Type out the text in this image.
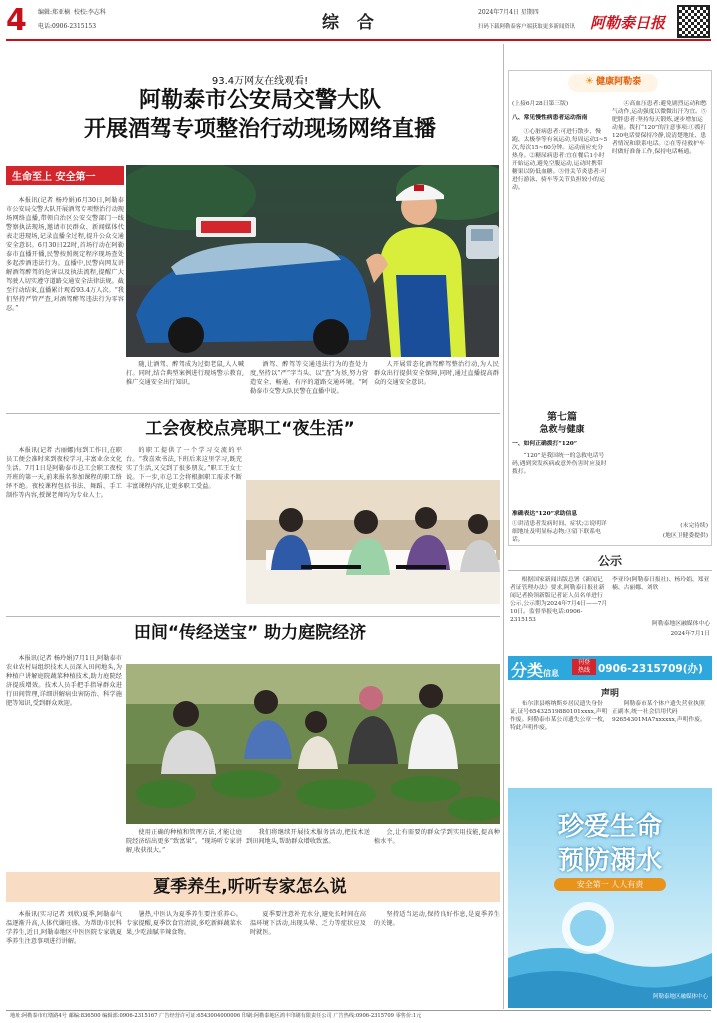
4 编辑:郑亚楠 校校:李志科
电话:0906-2315153	综 合
2024年7月4日 星期四
扫码下载阿勒泰客户端获取更多新闻资讯 阿勒泰日报
93.4万网友在线观看!
阿勒泰市公安局交警大队
开展酒驾专项整治行动现场网络直播
生命至上 安全第一
本报讯(记者 杨玲娟)6月30日,阿勒泰市公安局交警大队开展酒驾专项整治行动现场网络直播,带领自治区公安交警部门一线警察执法现场,邀请市民群众、新闻媒体代表走进现场,记录直播全过程,提升公众交通安全意识。6月30日22时,首场行动在阿勒泰市直播开播,民警按照规定程序现场查处多起涉酒违法行为。直播中,民警向网友讲解酒驾醉驾的危害以及执法流程,提醒广大驾驶人切实遵守道路交通安全法律法规。截至行动结束,直播累计观看93.4万人次。“我们坚持严管严查,对酒驾醉驾违法行为零容忍。”
随,让酒驾、醉驾成为过街老鼠,人人喊打。同时,结合典型案例进行现场警示教育,推广交通安全出行知识。
酒驾、醉驾等交通违法行为的查处力度,坚持以“严”字当头、以“查”为基,努力营造安全、畅通、有序的道路交通环境。“阿勒泰市交警大队民警在直播中说。
人开展常态化酒驾醉驾整治行动,为人民群众出行提供安全保障,同时,通过直播提高群众的交通安全意识。
工会夜校点亮职工“夜生活”
本报讯(记者 古丽娜)每到工作日,在职员工便会准时来到夜校学习,丰富业余文化生活。7月1日是阿勒泰市总工会职工夜校开班的第一天,前来报名参加课程的职工络绎不绝。夜校课程包括书法、舞蹈、手工制作等内容,授课老师均为专业人士。
的职工提供了一个学习交流的平台。“我喜欢书法,下班后来这里学习,既充实了生活,又交到了很多朋友。”职工王女士说。下一步,市总工会将根据职工需求不断丰富课程内容,让更多职工受益。
田间“传经送宝” 助力庭院经济
本报讯(记者 杨玲娟)7月1日,阿勒泰市农业农村局组织技术人员深入田间地头,为种植户讲解庭院蔬菜种植技术,助力庭院经济提质增效。技术人员手把手指导群众进行田间管理,详细讲解病虫害防治、科学施肥等知识,受到群众欢迎。
使用正确的种植和管理方法,才能让庭院经济结出更多“致富果”。“现场听专家讲解,收获很大。”
我们将继续开展技术服务活动,把技术送到田间地头,帮助群众增收致富。
会,让有需要的群众学到实用技能,提高种植水平。
夏季养生,听听专家怎么说
本报讯(实习记者 刘欣)夏季,阿勒泰气温逐渐升高,人体代谢旺盛。为帮助市民科学养生,近日,阿勒泰地区中医医院专家就夏季养生注意事项进行讲解。
暑热,中医认为夏季养生要注重养心。专家提醒,夏季饮食宜清淡,多吃新鲜蔬菜水果,少吃油腻辛辣食物。
夏季要注意补充水分,避免长时间在高温环境下活动,出现头晕、乏力等症状应及时就医。
坚持适当运动,保持良好作息,是夏季养生的关键。
☀ 健康阿勒泰
(上接6月28日第三版)
八、常见慢性病患者运动指南
①心脏病患者:可进行散步、慢跑、太极拳等有氧运动,每周运动3~5次,每次15~60分钟。运动前应充分热身。②糖尿病患者:宜在餐后1小时开始运动,避免空腹运动,运动时携带糖果以防低血糖。③骨关节炎患者:可进行游泳、骑车等关节负担较小的运动。
④高血压患者:避免剧烈运动和憋气动作,运动强度以微微出汗为宜。⑤肥胖患者:坚持每天锻炼,逐步增加运动量。拨打“120”的注意事项:①拨打120电话要保持冷静,说清楚地址、患者情况和联系电话。②在等待救护车时做好准备工作,保持电话畅通。
第七篇
急救与健康
一、如何正确拨打“120”
“120”是我国统一的急救电话号码,遇到突发疾病或意外伤害时应及时拨打。
准确表达“120”求助信息
①讲清患者发病时间、症状;②说明详细地址及明显标志物;③留下联系电话。
(未完待续)
(地区卫健委提供)
公示
根据国家新闻出版总署《新闻记者证管理办法》要求,阿勒泰日报社新闻记者换领新版记者证人员名单进行公示,公示期为2024年7月4日——7月10日。监督举报电话:0906-2315153
李亚玲(阿勒泰日报社)、杨玲娟、郑亚楠、古丽娜、刘欣
阿勒泰地区融媒体中心
2024年7月1日
分类信息
刊登
热线 0906-2315709(办)
声明
布尔津县喀纳斯乡居民遗失身份证,证号65432519880101xxxx,声明作废。阿勒泰市某公司遗失公章一枚,特此声明作废。
阿勒泰市某个体户遗失营业执照正副本,统一社会信用代码92654301MA7xxxxxx,声明作废。
珍爱生命
预防溺水
安全第一 人人有责
阿勒泰地区融媒体中心
地址:阿勒泰市红墩路4号 邮编:836500 编辑部:0906-2315167 广告经营许可证:6543004000006 印刷:阿勒泰地区鸿丰印刷有限责任公司 广告热线:0906-2315709 零售价:1元
